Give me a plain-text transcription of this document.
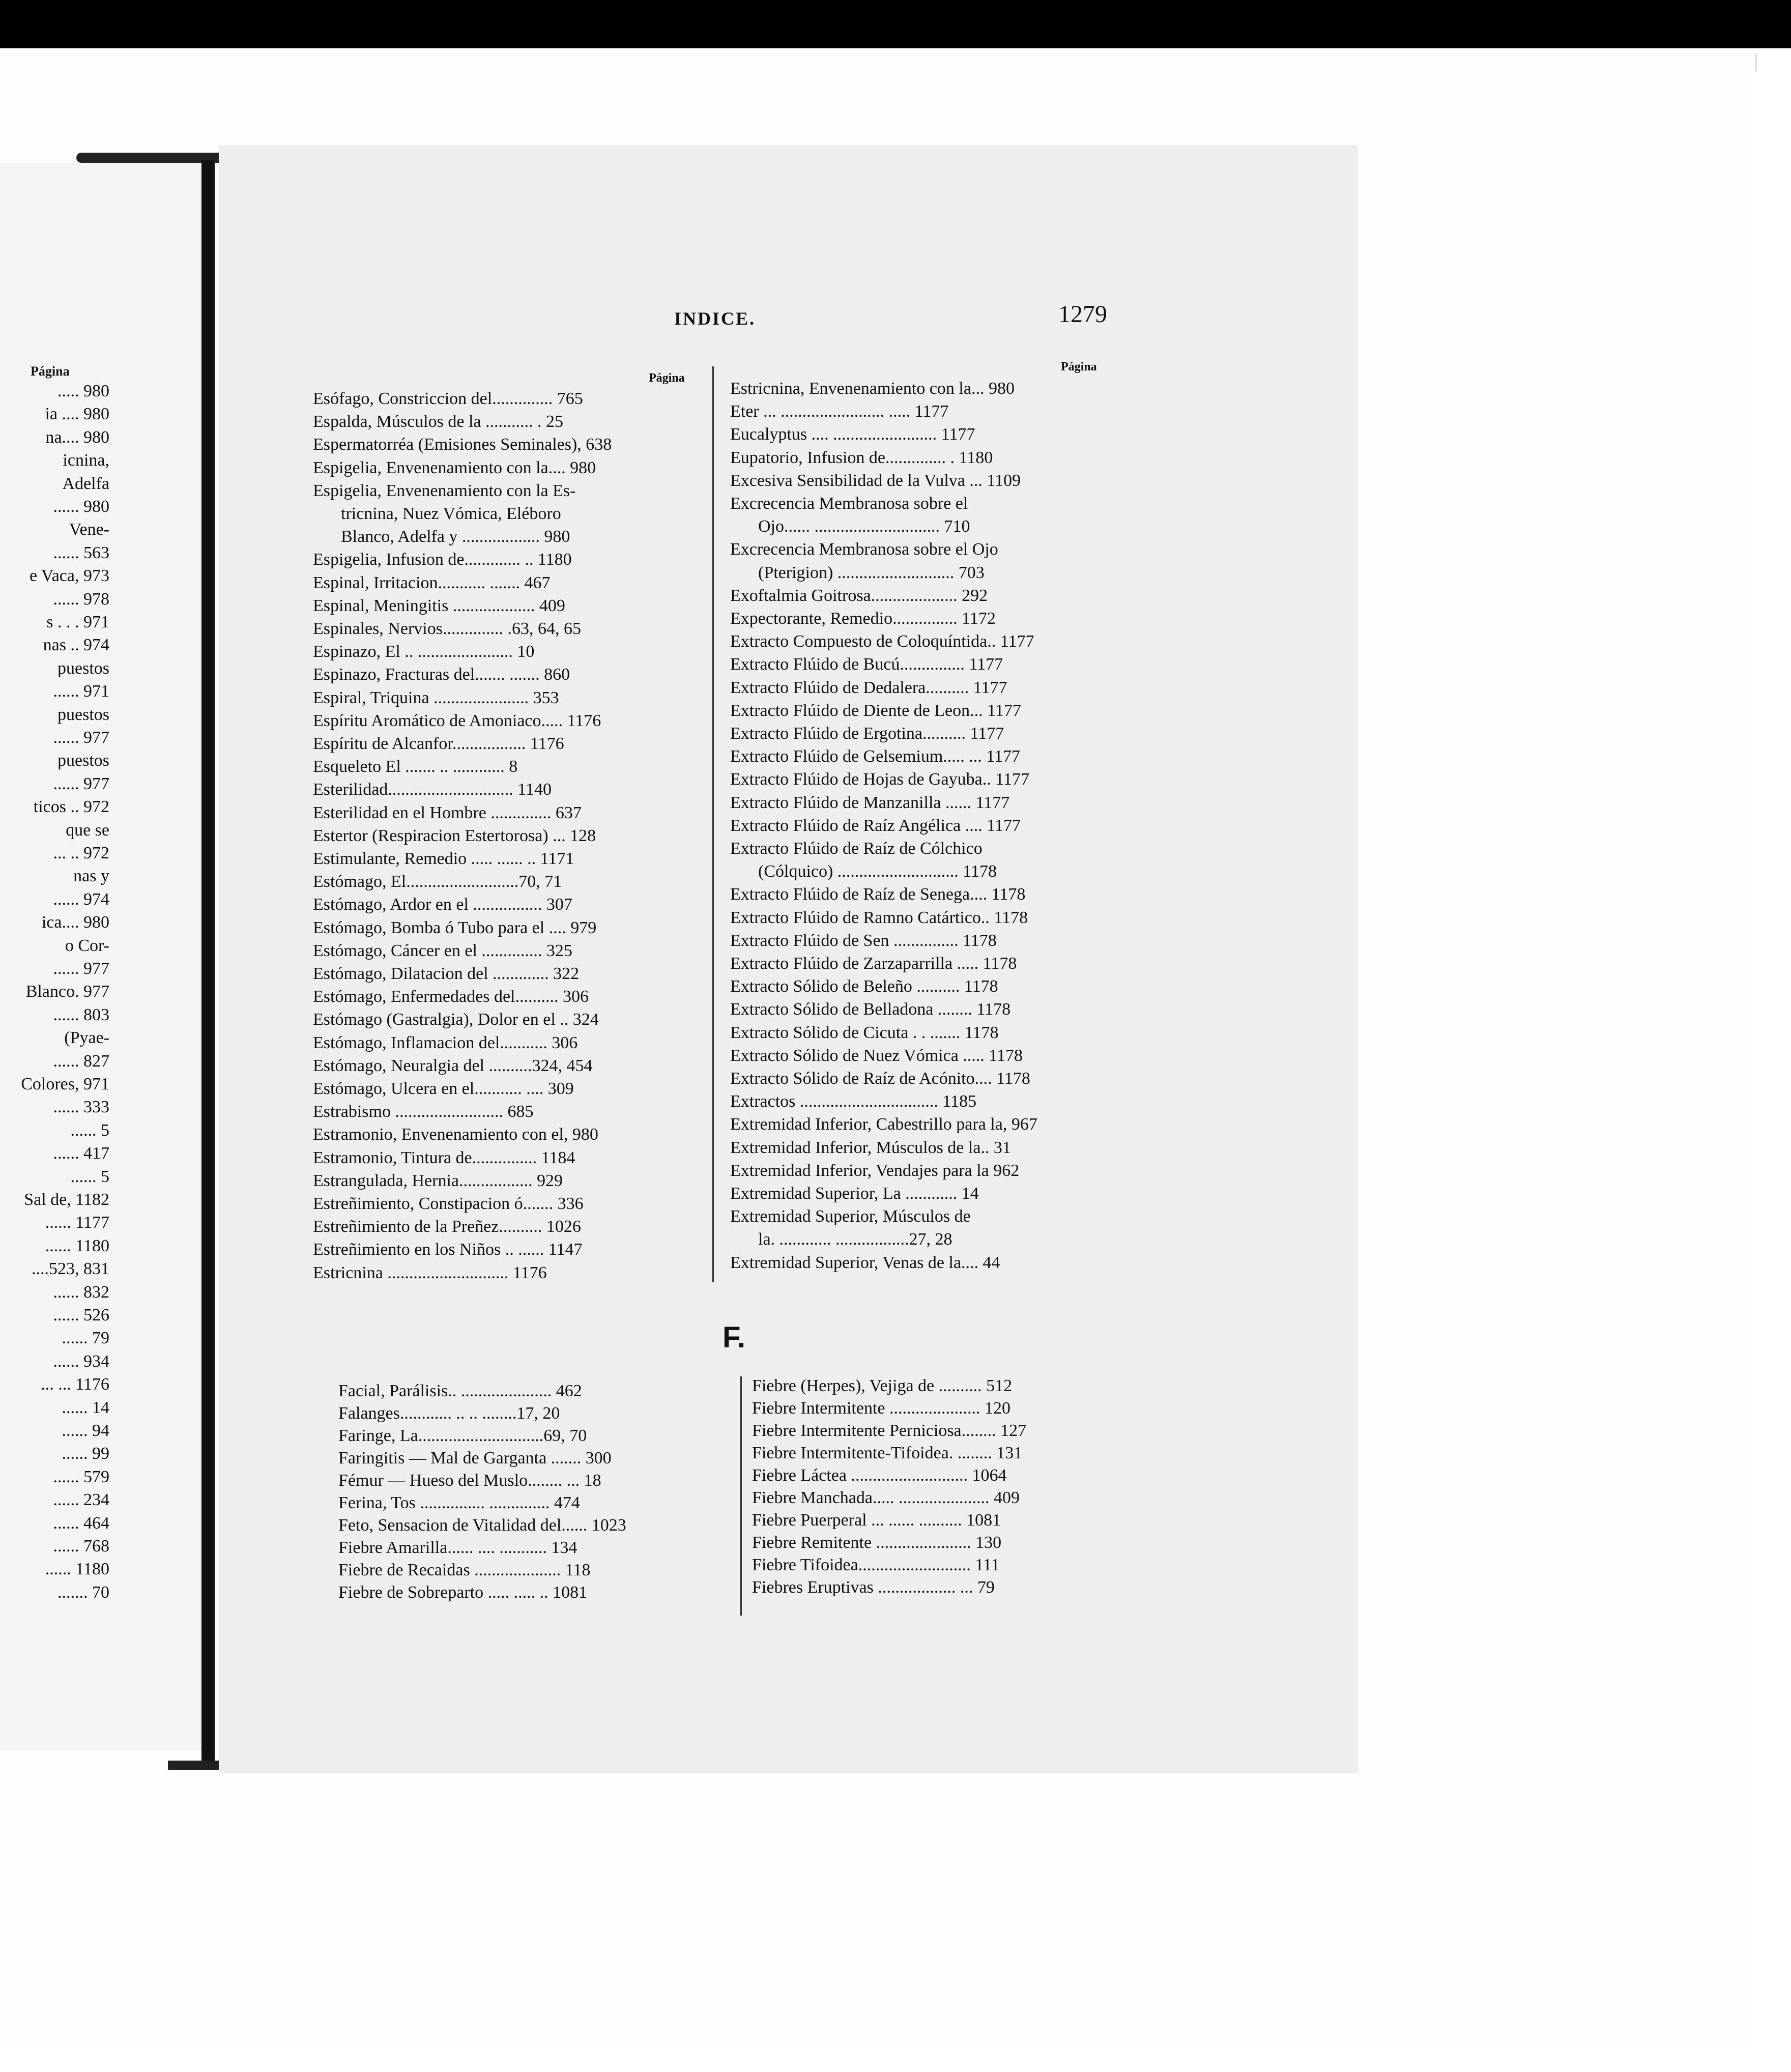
Página
..... 980
ia .... 980
na.... 980
icnina,
Adelfa
...... 980
Vene-
...... 563
e Vaca, 973
...... 978
s . . . 971
nas .. 974
puestos
...... 971
puestos
...... 977
puestos
...... 977
ticos .. 972
que se
... .. 972
nas y
...... 974
ica.... 980
o Cor-
...... 977
Blanco. 977
...... 803
(Pyae-
...... 827
Colores, 971
...... 333
...... 5
...... 417
...... 5
Sal de, 1182
...... 1177
...... 1180
....523, 831
...... 832
...... 526
...... 79
...... 934
... ... 1176
...... 14
...... 94
...... 99
...... 579
...... 234
...... 464
...... 768
...... 1180
....... 70
INDICE.	1279
Página
Página
Esófago, Constriccion del.............. 765
Espalda, Músculos de la ........... . 25
Espermatorréa (Emisiones Seminales), 638
Espigelia, Envenenamiento con la.... 980
Espigelia, Envenenamiento con la Es-
tricnina, Nuez Vómica, Eléboro
Blanco, Adelfa y .................. 980
Espigelia, Infusion de............. .. 1180
Espinal, Irritacion........... ....... 467
Espinal, Meningitis ................... 409
Espinales, Nervios.............. .63, 64, 65
Espinazo, El .. ...................... 10
Espinazo, Fracturas del....... ....... 860
Espiral, Triquina ...................... 353
Espíritu Aromático de Amoniaco..... 1176
Espíritu de Alcanfor................. 1176
Esqueleto El ....... .. ............ 8
Esterilidad............................. 1140
Esterilidad en el Hombre .............. 637
Estertor (Respiracion Estertorosa) ... 128
Estimulante, Remedio ..... ...... .. 1171
Estómago, El..........................70, 71
Estómago, Ardor en el ................ 307
Estómago, Bomba ó Tubo para el .... 979
Estómago, Cáncer en el .............. 325
Estómago, Dilatacion del ............. 322
Estómago, Enfermedades del.......... 306
Estómago (Gastralgia), Dolor en el .. 324
Estómago, Inflamacion del........... 306
Estómago, Neuralgia del ..........324, 454
Estómago, Ulcera en el........... .... 309
Estrabismo ......................... 685
Estramonio, Envenenamiento con el, 980
Estramonio, Tintura de............... 1184
Estrangulada, Hernia................. 929
Estreñimiento, Constipacion ó....... 336
Estreñimiento de la Preñez.......... 1026
Estreñimiento en los Niños .. ...... 1147
Estricnina ............................ 1176
Estricnina, Envenenamiento con la... 980
Eter ... ........................ ..... 1177
Eucalyptus .... ........................ 1177
Eupatorio, Infusion de.............. . 1180
Excesiva Sensibilidad de la Vulva ... 1109
Excrecencia Membranosa sobre el
Ojo...... ............................. 710
Excrecencia Membranosa sobre el Ojo
(Pterigion) ........................... 703
Exoftalmia Goitrosa.................... 292
Expectorante, Remedio............... 1172
Extracto Compuesto de Coloquíntida.. 1177
Extracto Flúido de Bucú............... 1177
Extracto Flúido de Dedalera.......... 1177
Extracto Flúido de Diente de Leon... 1177
Extracto Flúido de Ergotina.......... 1177
Extracto Flúido de Gelsemium..... ... 1177
Extracto Flúido de Hojas de Gayuba.. 1177
Extracto Flúido de Manzanilla ...... 1177
Extracto Flúido de Raíz Angélica .... 1177
Extracto Flúido de Raíz de Cólchico
(Cólquico) ............................ 1178
Extracto Flúido de Raíz de Senega.... 1178
Extracto Flúido de Ramno Catártico.. 1178
Extracto Flúido de Sen ............... 1178
Extracto Flúido de Zarzaparrilla ..... 1178
Extracto Sólido de Beleño .......... 1178
Extracto Sólido de Belladona ........ 1178
Extracto Sólido de Cicuta . . ....... 1178
Extracto Sólido de Nuez Vómica ..... 1178
Extracto Sólido de Raíz de Acónito.... 1178
Extractos ................................ 1185
Extremidad Inferior, Cabestrillo para la, 967
Extremidad Inferior, Músculos de la.. 31
Extremidad Inferior, Vendajes para la 962
Extremidad Superior, La ............ 14
Extremidad Superior, Músculos de
la. ............ .................27, 28
Extremidad Superior, Venas de la.... 44
F.
Facial, Parálisis.. ..................... 462
Falanges............ .. .. ........17, 20
Faringe, La.............................69, 70
Faringitis — Mal de Garganta ....... 300
Fémur — Hueso del Muslo........ ... 18
Ferina, Tos ............... .............. 474
Feto, Sensacion de Vitalidad del...... 1023
Fiebre Amarilla...... .... ........... 134
Fiebre de Recaidas .................... 118
Fiebre de Sobreparto ..... ..... .. 1081
Fiebre (Herpes), Vejiga de .......... 512
Fiebre Intermitente ..................... 120
Fiebre Intermitente Perniciosa........ 127
Fiebre Intermitente-Tifoidea. ........ 131
Fiebre Láctea ........................... 1064
Fiebre Manchada..... ..................... 409
Fiebre Puerperal ... ...... .......... 1081
Fiebre Remitente ...................... 130
Fiebre Tifoidea.......................... 111
Fiebres Eruptivas .................. ... 79
